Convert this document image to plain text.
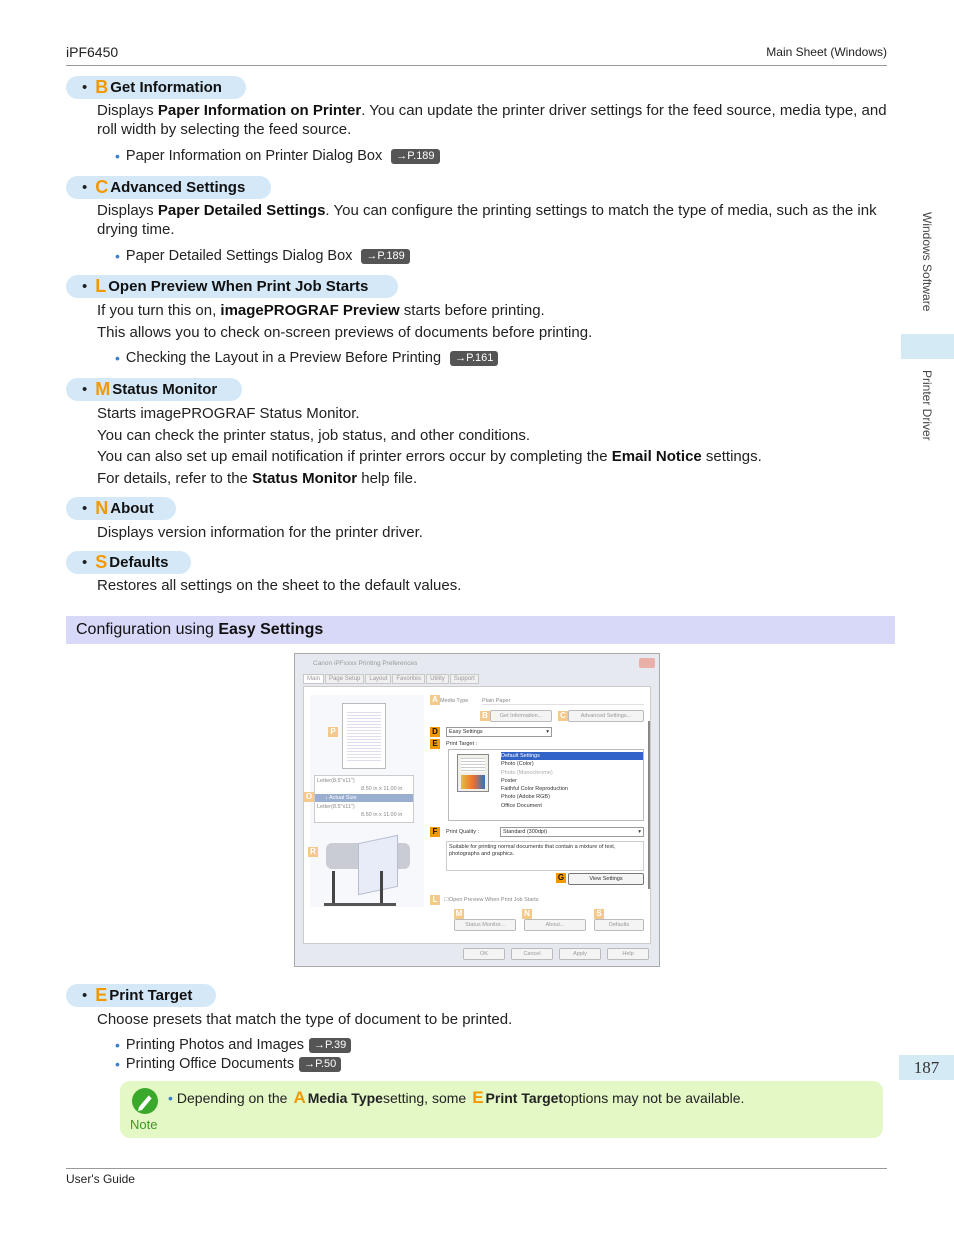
iPF6450	Main Sheet (Windows)
User's Guide
Windows Software
Printer Driver
187
• B Get Information
Displays Paper Information on Printer. You can update the printer driver settings for the feed source, media type, and roll width by selecting the feed source.
• Paper Information on Printer Dialog Box	→P.189
• C Advanced Settings
Displays Paper Detailed Settings. You can configure the printing settings to match the type of media, such as the ink drying time.
• Paper Detailed Settings Dialog Box	→P.189
• L Open Preview When Print Job Starts
If you turn this on, imagePROGRAF Preview starts before printing.
This allows you to check on-screen previews of documents before printing.
• Checking the Layout in a Preview Before Printing	→P.161
• M Status Monitor
Starts imagePROGRAF Status Monitor.
You can check the printer status, job status, and other conditions.
You can also set up email notification if printer errors occur by completing the Email Notice settings.
For details, refer to the Status Monitor help file.
• N About
Displays version information for the printer driver.
• S Defaults
Restores all settings on the sheet to the default values.
Configuration using Easy Settings
Canon iPFxxxx Printing Preferences
Main	Page Setup	Layout	Favorites	Utility	Support
P
Letter(8.5"x11")
8.50 in x 11.00 in
↓ Actual Size
Letter(8.5"x11")
8.50 in x 11.00 in
O
R
A Media Type Plain Paper
B	Get Information...	C	Advanced Settings...
D	Easy Settings	▾
E	Print Target :
Default Settings
Photo (Color)
Photo (Monochrome)
Poster
Faithful Color Reproduction
Photo (Adobe RGB)
Office Document
F	Print Quality :	Standard (300dpi)	▾
Suitable for printing normal documents that contain a mixture of text, photographs and graphics.
G	View Settings
L	☐Open Preview When Print Job Starts
M
Status Monitor...
N
About...
S
Defaults
OK	Cancel	Apply	Help
• E Print Target
Choose presets that match the type of document to be printed.
• Printing Photos and Images →P.39
• Printing Office Documents →P.50
Note
• Depending on the A Media Type setting, some E Print Target options may not be available.
